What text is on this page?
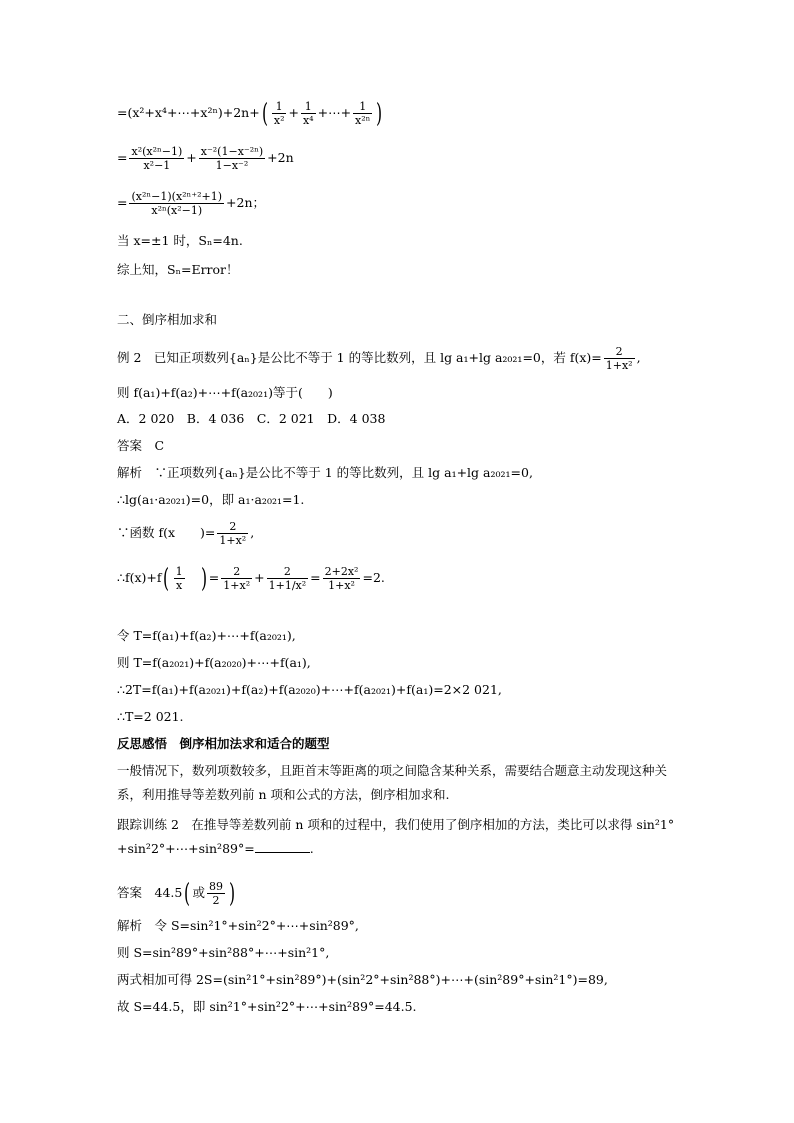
=(x²+x⁴+⋯+x²ⁿ)+2n+( $\frac{1}{\text{x²}} + \frac{1}{\text{x⁴}}$ +⋯+ $\frac{1}{\text{x²ⁿ}}$ )
= $\frac{\text{x²(x²ⁿ−1)}}{\text{x²−1}} + \frac{\text{x⁻²(1−x⁻²ⁿ)}}{\text{1−x⁻²}} +2n$
= $\frac{\text{(x²ⁿ−1)(x²ⁿ⁺²+1)}}{\text{x²ⁿ(x²−1)}} +2n$；
当 x=±1 时，Sₙ=4n.
综上知，Sₙ=Error！
二、倒序相加求和
例 2　已知正项数列{aₙ}是公比不等于 1 的等比数列，且 lg a₁+lg a₂₀₂₁=0，若 $f(x)= \frac{2}{\text{1+x²}}$ ,
则 f(a₁)+f(a₂)+⋯+f(a₂₀₂₁)等于(　　)
A．2 020　B．4 036　C．2 021　D．4 038
答案　C
解析　∵正项数列{aₙ}是公比不等于 1 的等比数列，且 lg a₁+lg a₂₀₂₁=0,
∴lg(a₁·a₂₀₂₁)=0，即 a₁·a₂₀₂₁=1.
∵函数 f(x　　)= $\frac{2}{\text{1+x²}}$ ,
∴f(x)+f( $\frac{1}{x}$ ) = $\frac{2}{\text{1+x²}} + \frac{2}{\text{1+1/x²}} = \frac{\text{2+2x²}}{\text{1+x²}} =2$.
令 T=f(a₁)+f(a₂)+⋯+f(a₂₀₂₁),
则 T=f(a₂₀₂₁)+f(a₂₀₂₀)+⋯+f(a₁),
∴2T=f(a₁)+f(a₂₀₂₁)+f(a₂)+f(a₂₀₂₀)+⋯+f(a₂₀₂₁)+f(a₁)=2×2 021,
∴T=2 021.
反思感悟　倒序相加法求和适合的题型
一般情况下，数列项数较多，且距首末等距离的项之间隐含某种关系，需要结合题意主动发现这种关系，利用推导等差数列前 n 项和公式的方法，倒序相加求和.
跟踪训练 2　在推导等差数列前 n 项和的过程中，我们使用了倒序相加的方法，类比可以求得 sin²1°+sin²2°+⋯+sin²89°=	.
答案　44.5( 或 $\frac{89}{2}$ )
解析　令 S=sin²1°+sin²2°+⋯+sin²89°,
则 S=sin²89°+sin²88°+⋯+sin²1°,
两式相加可得 2S=(sin²1°+sin²89°)+(sin²2°+sin²88°)+⋯+(sin²89°+sin²1°)=89,
故 S=44.5，即 sin²1°+sin²2°+⋯+sin²89°=44.5.
